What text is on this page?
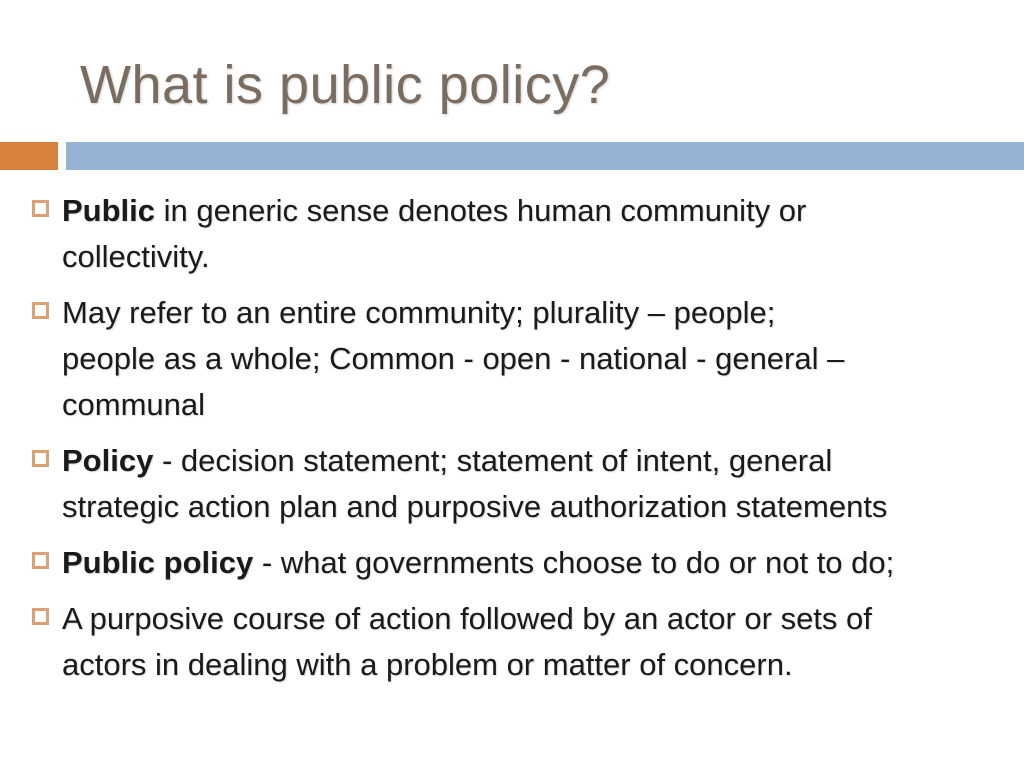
What is public policy?
Public in generic sense denotes human community or
collectivity.
May refer to an entire community; plurality – people;
people as a whole; Common - open - national - general –
communal
Policy - decision statement; statement of intent, general
strategic action plan and purposive authorization statements
Public policy - what governments choose to do or not to do;
A purposive course of action followed by an actor or sets of
actors in dealing with a problem or matter of concern.
